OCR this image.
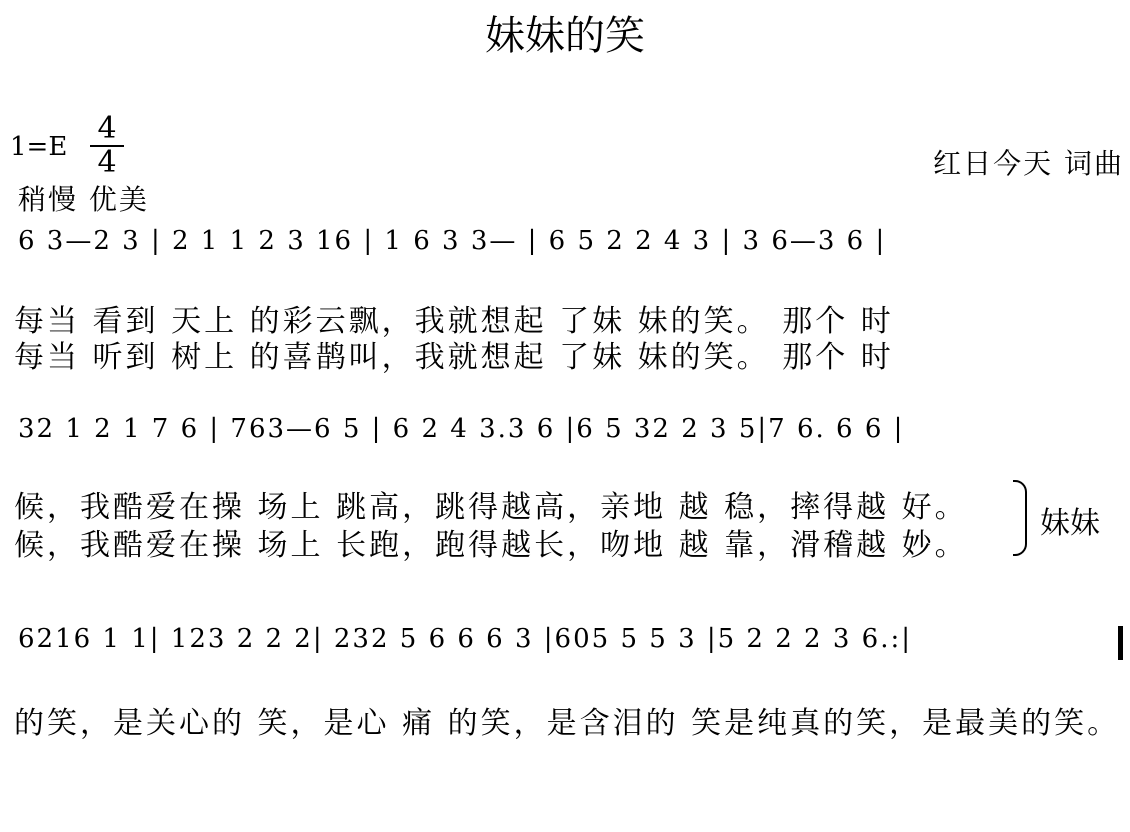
妹妹的笑
1=E
4
4
稍慢 优美
红日今天 词曲
6 3—2 3 | 2 1 1 2 3 16 | 1 6 3 3— | 6 5 2 2 4 3 | 3 6—3 6 |
每当 看到 天上 的彩云飘，我就想起 了妹 妹的笑。 那个 时
每当 听到 树上 的喜鹊叫，我就想起 了妹 妹的笑。 那个 时
32 1 2 1 7 6 | 763—6 5 | 6 2 4 3.3 6 |6 5 32 2 3 5|7 6. 6 6 |
候，我酷爱在操 场上 跳高，跳得越高，亲地 越 稳，摔得越 好。
候，我酷爱在操 场上 长跑，跑得越长，吻地 越 靠，滑稽越 妙。
妹妹
6216 1 1| 123 2 2 2| 232 5 6 6 6 3 |605 5 5 3 |5 2 2 2 3 6.:|
的笑，是关心的 笑，是心 痛 的笑，是含泪的 笑是纯真的笑，是最美的笑。
